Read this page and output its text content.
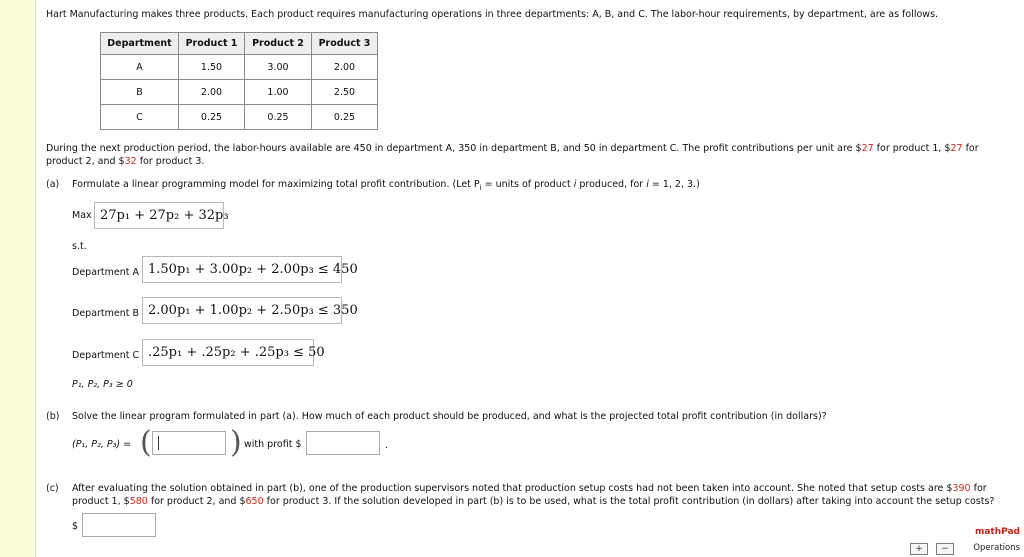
Hart Manufacturing makes three products. Each product requires manufacturing operations in three departments: A, B, and C. The labor-hour requirements, by department, are as follows.
Department	Product 1	Product 2	Product 3
A	1.50	3.00	2.00
B	2.00	1.00	2.50
C	0.25	0.25	0.25
During the next production period, the labor-hours available are 450 in department A, 350 in department B, and 50 in department C. The profit contributions per unit are $27 for product 1, $27 for
product 2, and $32 for product 3.
(a) Formulate a linear programming model for maximizing total profit contribution. (Let $P_i$ = units of product i produced, for i = 1, 2, 3.)
Max 27p₁ + 27p₂ + 32p₃
s.t.
Department A 1.50p₁ + 3.00p₂ + 2.00p₃ ≤ 450
Department B 2.00p₁ + 1.00p₂ + 2.50p₃ ≤ 350
Department C .25p₁ + .25p₂ + .25p₃ ≤ 50
P₁, P₂, P₃ ≥ 0
(b) Solve the linear program formulated in part (a). How much of each product should be produced, and what is the projected total profit contribution (in dollars)?
(P₁, P₂, P₃) = (	) with profit $	.
(c) After evaluating the solution obtained in part (b), one of the production supervisors noted that production setup costs had not been taken into account. She noted that setup costs are $390 for
product 1, $580 for product 2, and $650 for product 3. If the solution developed in part (b) is to be used, what is the total profit contribution (in dollars) after taking into account the setup costs?
$	mathPad
Operations
+	−
